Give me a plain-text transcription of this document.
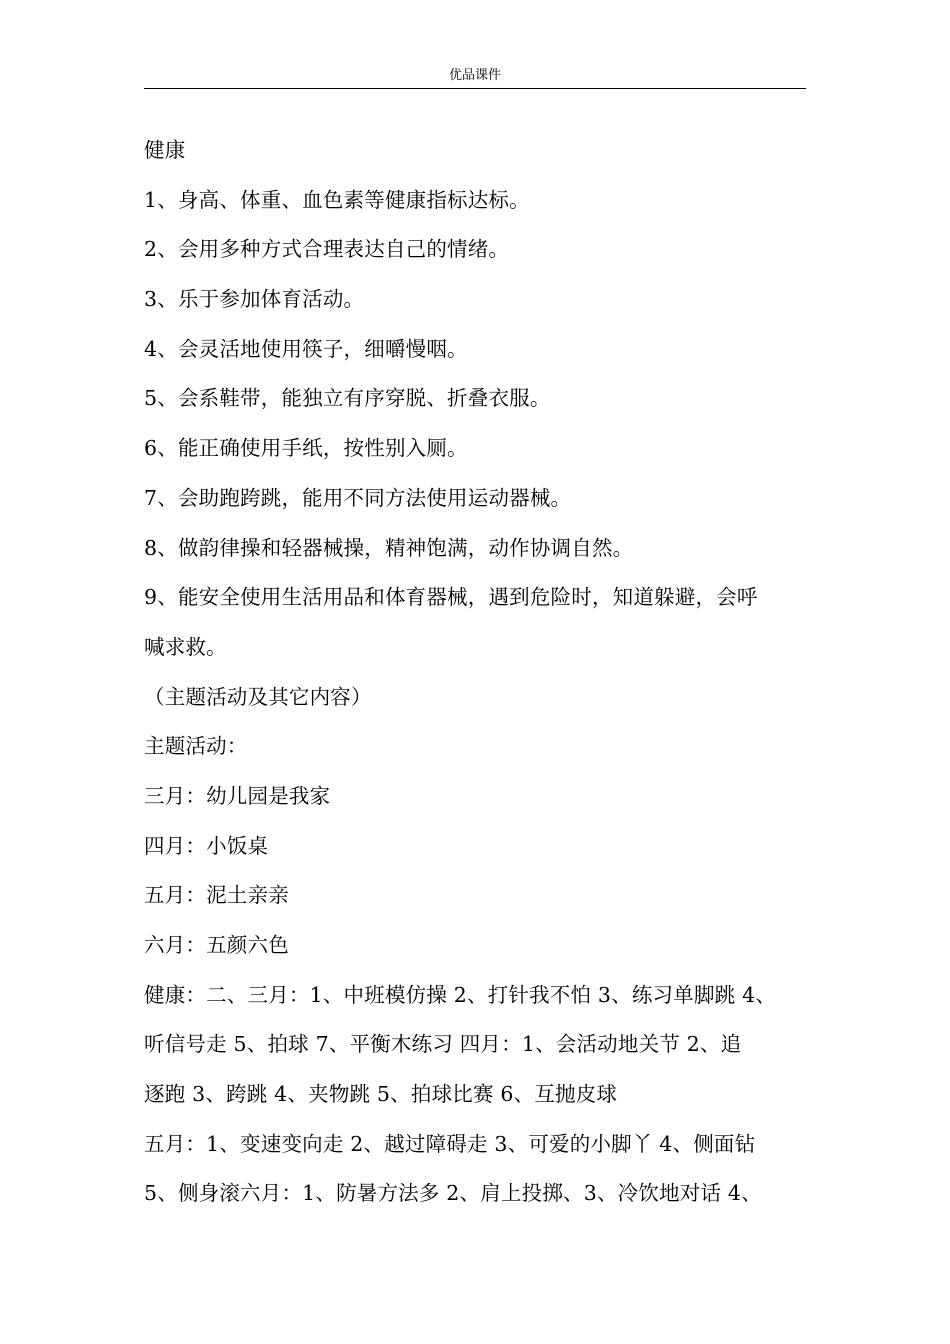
优品课件
健康
1、身高、体重、血色素等健康指标达标。
2、会用多种方式合理表达自己的情绪。
3、乐于参加体育活动。
4、会灵活地使用筷子，细嚼慢咽。
5、会系鞋带，能独立有序穿脱、折叠衣服。
6、能正确使用手纸，按性别入厕。
7、会助跑跨跳，能用不同方法使用运动器械。
8、做韵律操和轻器械操，精神饱满，动作协调自然。
9、能安全使用生活用品和体育器械，遇到危险时，知道躲避，会呼
喊求救。
（主题活动及其它内容）
主题活动：
三月：幼儿园是我家
四月：小饭桌
五月：泥土亲亲
六月：五颜六色
健康：二、三月：1、中班模仿操 2、打针我不怕 3、练习单脚跳 4、
听信号走 5、拍球 7、平衡木练习 四月：1、会活动地关节 2、追
逐跑 3、跨跳 4、夹物跳 5、拍球比赛 6、互抛皮球
五月：1、变速变向走 2、越过障碍走 3、可爱的小脚丫 4、侧面钻
5、侧身滚六月：1、防暑方法多 2、肩上投掷、3、冷饮地对话 4、
